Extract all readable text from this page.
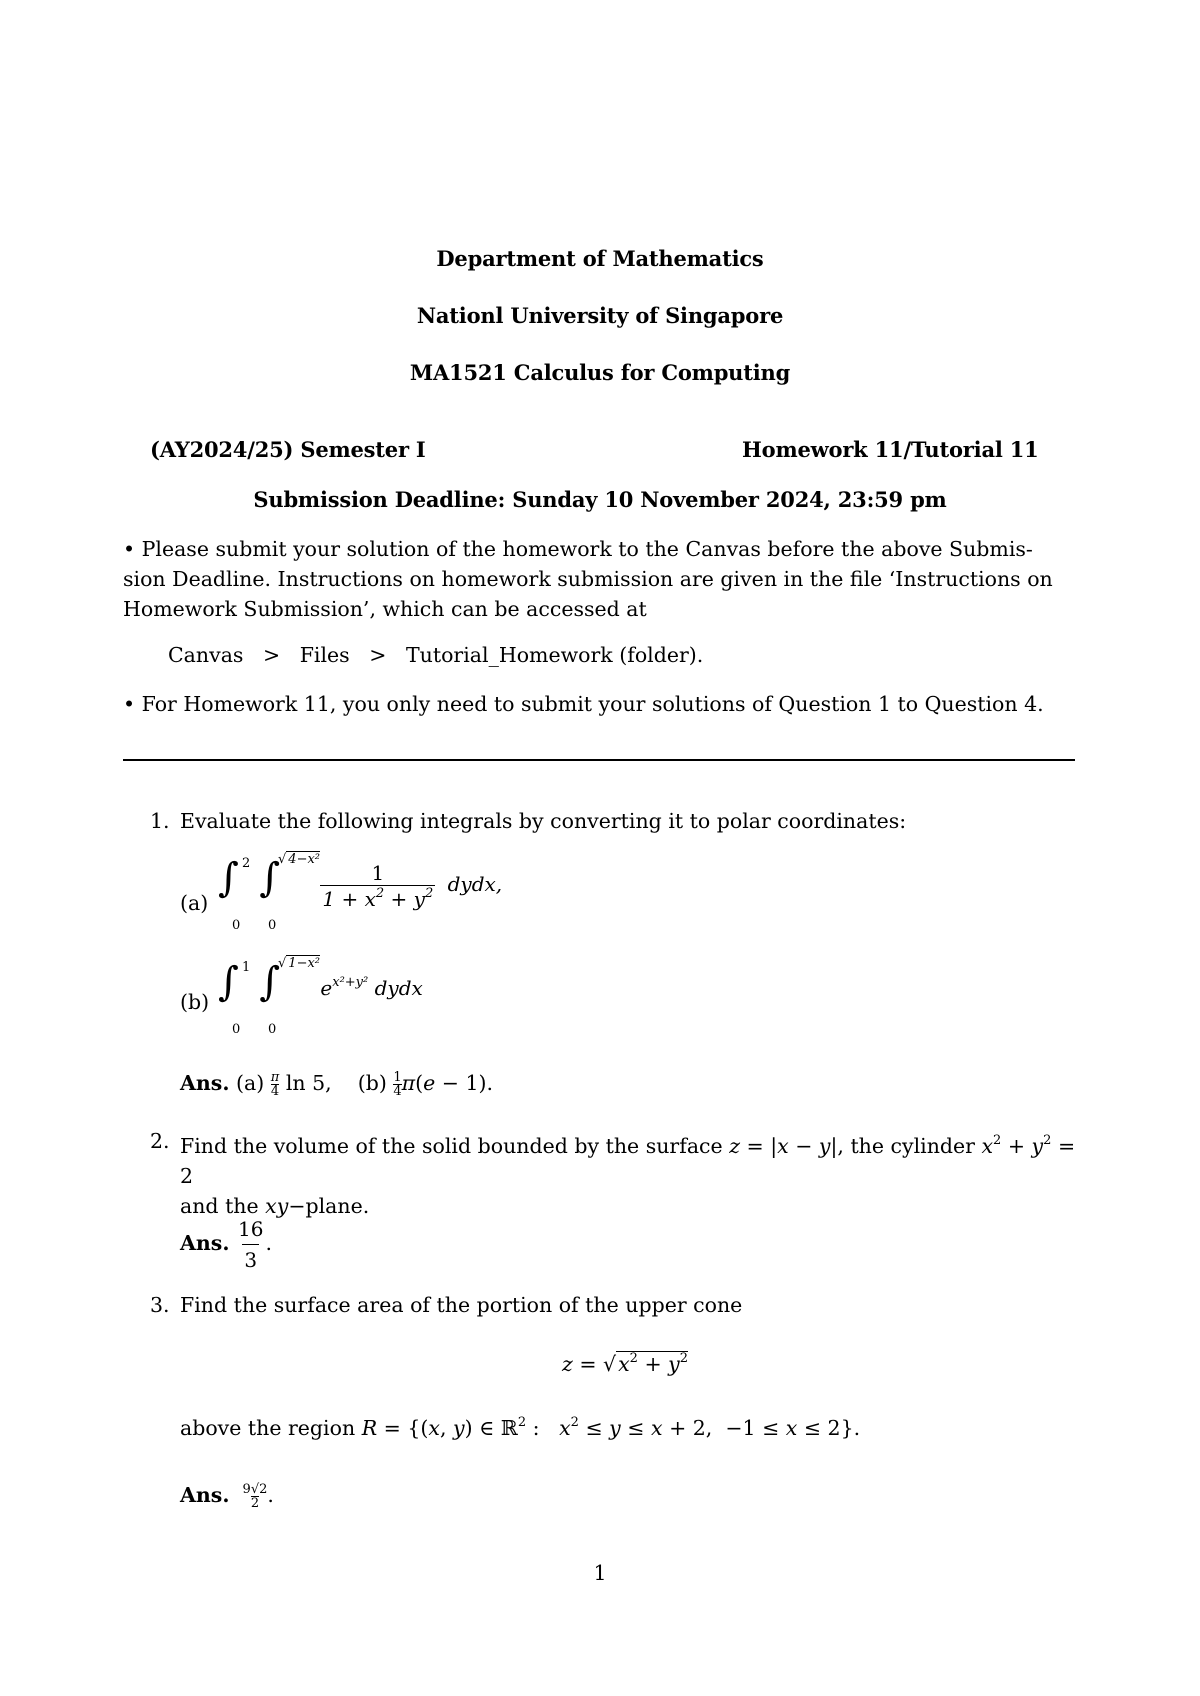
Department of Mathematics
Nationl University of Singapore
MA1521 Calculus for Computing
(AY2024/25) Semester I	Homework 11/Tutorial 11
Submission Deadline: Sunday 10 November 2024, 23:59 pm
• Please submit your solution of the homework to the Canvas before the above Submis-
sion Deadline. Instructions on homework submission are given in the file ‘Instructions on
Homework Submission’, which can be accessed at
Canvas   >   Files   >   Tutorial_Homework (folder).
• For Homework 11, you only need to submit your solutions of Question 1 to Question 4.
1. Evaluate the following integrals by converting it to polar coordinates:
(a)
∫ 2
0
∫
√ 4−x²
0

$\frac{1}{1 + x^2 + y^2}$ dydx,
(b) ∫ 1
0
∫
√ 1−x²
0
$e^{x^2+y^2}$ dydx
Ans. $(a) \frac{\pi}{4}$ ln 5,    $(b) \frac{1}{4} \pi(e - 1)$.
2. Find the volume of the solid bounded by the surface z = |x − y|, the cylinder $x^2 + y^2 = 2$
and the xy−plane.
Ans. $\frac{16}{3}$ .
3. Find the surface area of the portion of the upper cone
$z = √x^2 + y^2$
above the region R = {(x, y) ∈ ℝ$^2$ :   $x^2 \le y \le x + 2$,  −1 ≤ x ≤ 2}.
Ans. $\frac{9√2}{2}$ .
1
